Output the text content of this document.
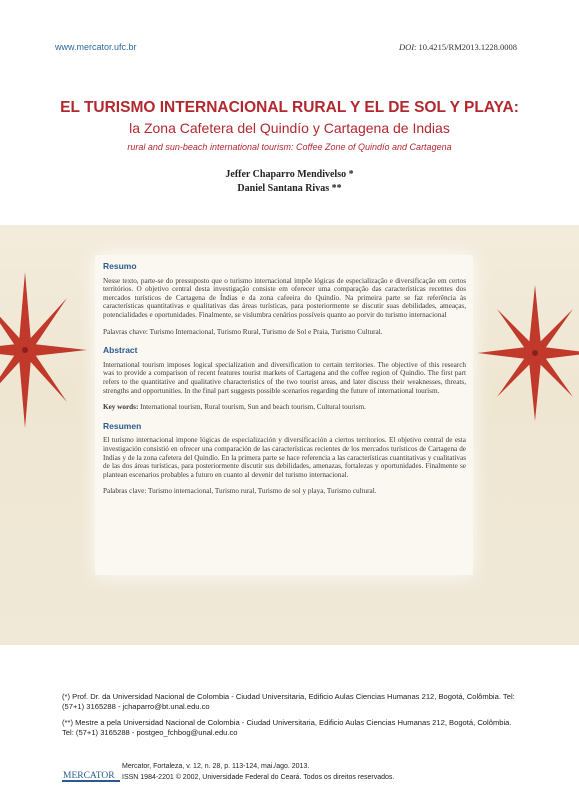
www.mercator.ufc.br	DOI: 10.4215/RM2013.1228.0008
EL TURISMO INTERNACIONAL RURAL Y EL DE SOL Y PLAYA:
la Zona Cafetera del Quindío y Cartagena de Indias
rural and sun-beach international tourism: Coffee Zone of Quindío and Cartagena
Jeffer Chaparro Mendivelso *
Daniel Santana Rivas **
Resumo

Nesse texto, parte-se do pressuposto que o turismo internacional impõe lógicas de especialização e diversificação em certos territórios. O objetivo central desta investigação consiste em oferecer uma comparação das características recentes dos mercados turísticos de Cartagena de Índias e da zona cafeeira do Quindío. Na primeira parte se faz referência às características quantitativas e qualitativas das áreas turísticas, para posteriormente se discutir suas debilidades, ameaças, potencialidades e oportunidades. Finalmente, se vislumbra cenários possíveis quanto ao porvir do turismo internacional

Palavras chave: Turismo Internacional, Turismo Rural, Turismo de Sol e Praia, Turismo Cultural.

Abstract

International tourism imposes logical specialization and diversification to certain territories. The objective of this research was to provide a comparison of recent features tourist markets of Cartagena and the coffee region of Quindio. The first part refers to the quantitative and qualitative characteristics of the two tourist areas, and later discuss their weaknesses, threats, strengths and opportunities. In the final part suggests possible scenarios regarding the future of international tourism.

Key words: International tourism, Rural tourism, Sun and beach tourism, Cultural tourism.

Resumen

El turismo internacional impone lógicas de especialización y diversificación a ciertos territorios. El objetivo central de esta investigación consistió en ofrecer una comparación de las características recientes de los mercados turísticos de Cartagena de Indias y de la zona cafetera del Quindío. En la primera parte se hace referencia a las características cuantitativas y cualitativas de las dos áreas turísticas, para posteriormente discutir sus debilidades, amenazas, fortalezas y oportunidades. Finalmente se plantean escenarios probables a futuro en cuanto al devenir del turismo internacional.

Palabras clave: Turismo internacional, Turismo rural, Turismo de sol y playa, Turismo cultural.

(*) Prof. Dr. da Universidad Nacional de Colombia - Ciudad Universitaria, Edificio Aulas Ciencias Humanas 212, Bogotá, Colômbia. Tel: (57+1) 3165288 - jchaparro@bt.unal.edu.co

(**) Mestre a pela Universidad Nacional de Colombia - Ciudad Universitaria, Edificio Aulas Ciencias Humanas 212, Bogotá, Colômbia. Tel: (57+1) 3165288 - postgeo_fchbog@unal.edu.co

MERCATOR
Mercator, Fortaleza, v. 12, n. 28, p. 113-124, mai./ago. 2013.
ISSN 1984-2201 © 2002, Universidade Federal do Ceará. Todos os direitos reservados.
